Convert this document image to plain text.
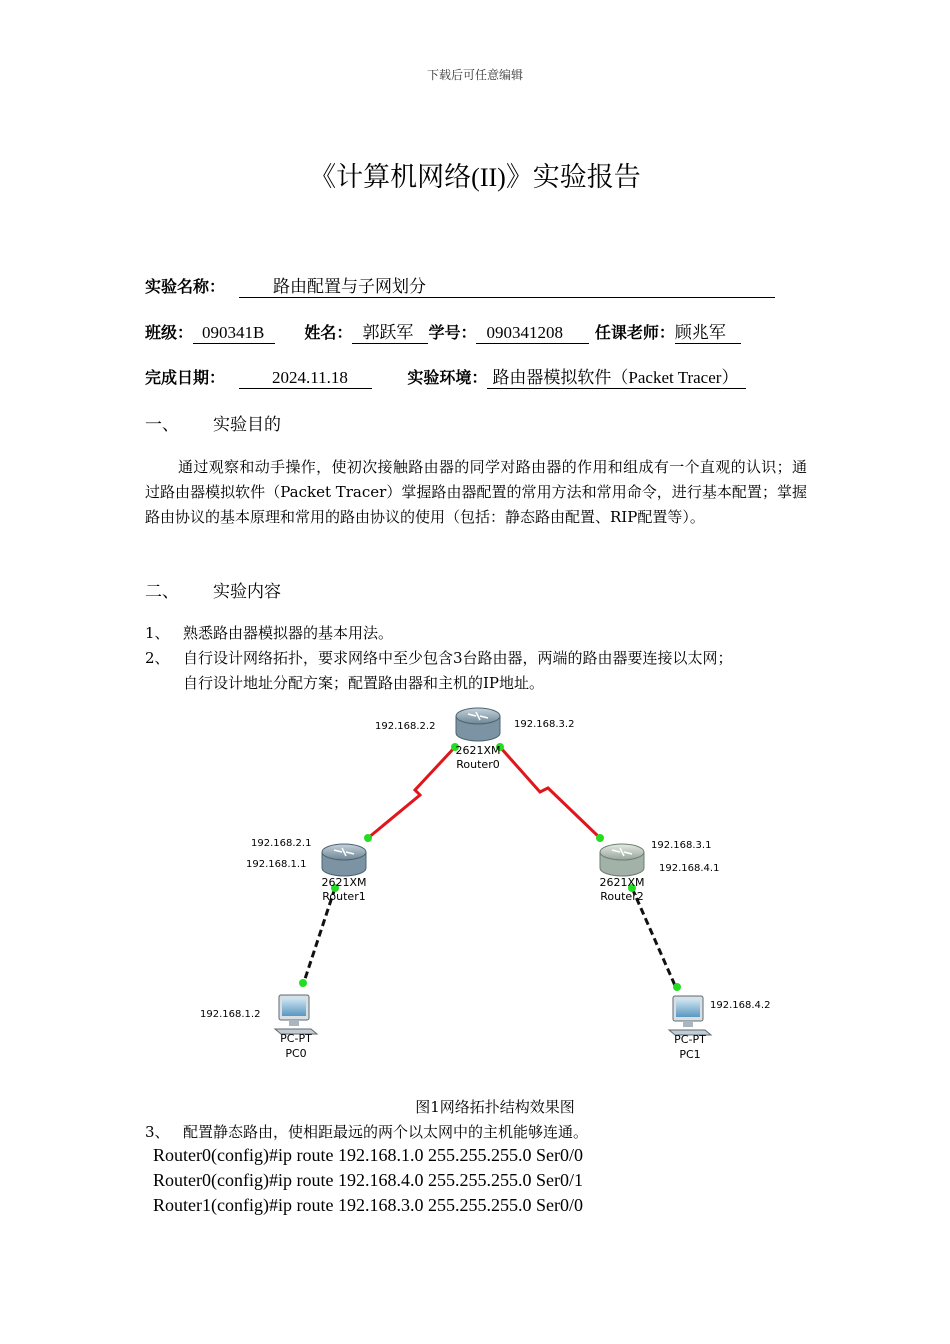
下载后可任意编辑
《计算机网络(II)》实验报告
实验名称：	路由配置与子网划分
班级： 090341B	姓名： 郭跃军 学号： 090341208 任课老师：顾兆军
完成日期：	2024.11.18	实验环境： 路由器模拟软件（Packet Tracer）
一、 实验目的
通过观察和动手操作，使初次接触路由器的同学对路由器的作用和组成有一个直观的认识；通过路由器模拟软件（Packet Tracer）掌握路由器配置的常用方法和常用命令，进行基本配置；掌握路由协议的基本原理和常用的路由协议的使用（包括：静态路由配置、RIP配置等）。
二、 实验内容
1、 熟悉路由器模拟器的基本用法。
2、 自行设计网络拓扑，要求网络中至少包含3台路由器，两端的路由器要连接以太网；
自行设计地址分配方案；配置路由器和主机的IP地址。
2621XM
Router0
192.168.2.2	192.168.3.2
2621XM
Router1
192.168.2.1
192.168.1.1
2621XM
Router2
192.168.3.1
192.168.4.1
PC-PT
PC0
192.168.1.2
PC-PT
PC1
192.168.4.2
图1网络拓扑结构效果图
3、 配置静态路由，使相距最远的两个以太网中的主机能够连通。
Router0(config)#ip route 192.168.1.0 255.255.255.0 Ser0/0
Router0(config)#ip route 192.168.4.0 255.255.255.0 Ser0/1
Router1(config)#ip route 192.168.3.0 255.255.255.0 Ser0/0
